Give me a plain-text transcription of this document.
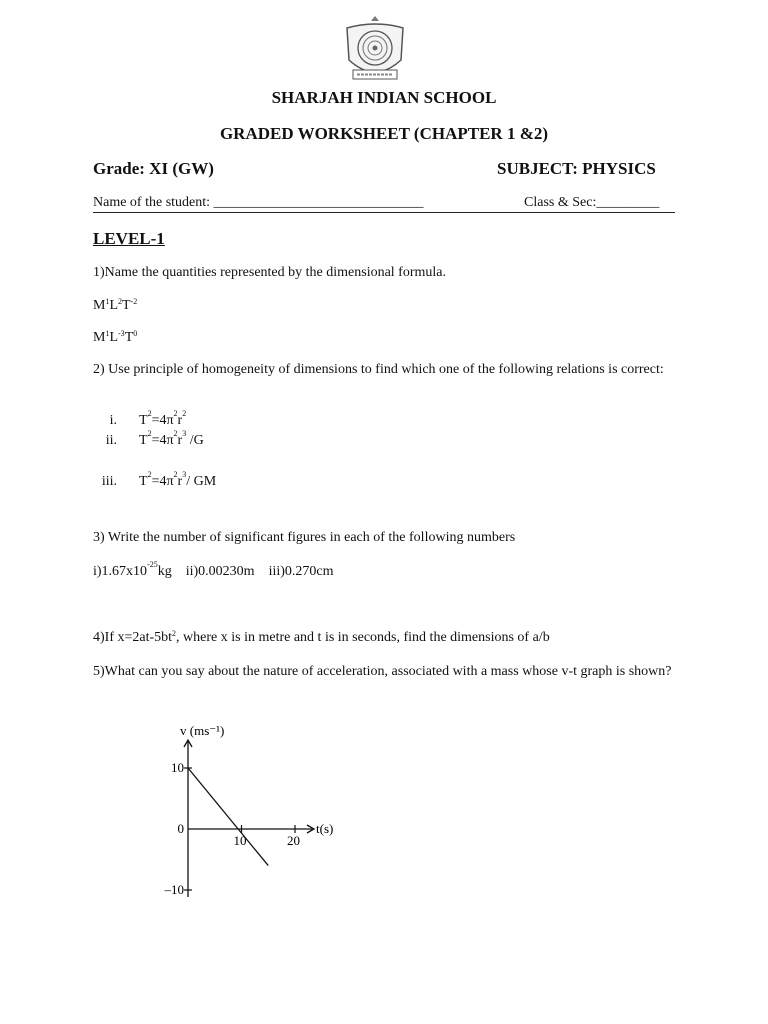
SHARJAH INDIAN SCHOOL
GRADED WORKSHEET (CHAPTER 1 &2)
Grade: XI (GW)	SUBJECT: PHYSICS
Name of the student: ______________________________	Class & Sec:_________
LEVEL-1
1)Name the quantities represented by the dimensional formula.
$M^1L^2T^{-2}$
$M^1L^{-3}T^0$
2) Use principle of homogeneity of dimensions to find which one of the following relations is correct:
i. $T^2=4\pi^2r^2$
ii. $T^2=4\pi^2r^3$ /G
iii. $T^2=4\pi^2r^3/$ GM
3) Write the number of significant figures in each of the following numbers
$i)1.67x10^{-25}kg$ ii)0.00230m iii)0.270cm
4)If $x=2at-5bt^2$, where x is in metre and t is in seconds, find the dimensions of a/b
5)What can you say about the nature of acceleration, associated with a mass whose v-t graph is shown?
v (ms⁻¹)
t(s)
10	20
10
0
–10
